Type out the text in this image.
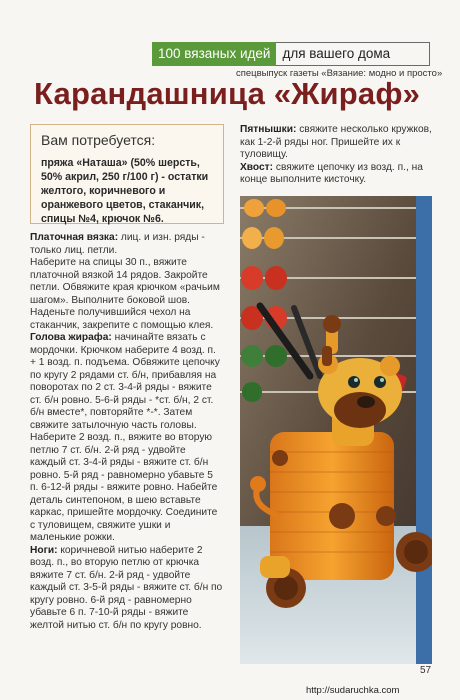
100 вязаных идей для вашего дома
спецвыпуск газеты «Вязание: модно и просто»
Карандашница «Жираф»
Вам потребуется:
пряжа «Наташа» (50% шерсть, 50% акрил, 250 г/100 г) - остатки желтого, коричневого и оранжевого цветов, стаканчик, спицы №4, крючок №6.

Платочная вязка: лиц. и изн. ряды - только лиц. петли.

Наберите на спицы 30 п., вяжите платочной вязкой 14 рядов. Закройте петли. Обвяжите края крючком «рачьим шагом». Выполните боковой шов. Наденьте получившийся чехол на стаканчик, закрепите с помощью клея.

Голова жирафа: начинайте вязать с мордочки. Крючком наберите 4 возд. п. + 1 возд. п. подъема. Обвяжите цепочку по кругу 2 рядами ст. б/н, прибавляя на поворотах по 2 ст. 3-4-й ряды - вяжите ст. б/н ровно. 5-6-й ряды - *ст. б/н, 2 ст. б/н вместе*, повторяйте *-*. Затем свяжите затылочную часть головы. Наберите 2 возд. п., вяжите во вторую петлю 7 ст. б/н. 2-й ряд - удвойте каждый ст. 3-4-й ряды - вяжите ст. б/н ровно. 5-й ряд - равномерно убавьте 5 п. 6-12-й ряды - вяжите ровно. Набейте деталь синтепоном, в шею вставьте каркас, пришейте мордочку. Соедините с туловищем, свяжите ушки и маленькие рожки.

Ноги: коричневой нитью наберите 2 возд. п., во вторую петлю от крючка вяжите 7 ст. б/н. 2-й ряд - удвойте каждый ст. 3-5-й ряды - вяжите ст. б/н по кругу ровно. 6-й ряд - равномерно убавьте 6 п. 7-10-й ряды - вяжите желтой нитью ст. б/н по кругу ровно.

Пятнышки: свяжите несколько кружков, как 1-2-й ряды ног. Пришейте их к туловищу.

Хвост: свяжите цепочку из возд. п., на конце выполните кисточку.

57
http://sudaruchka.com
